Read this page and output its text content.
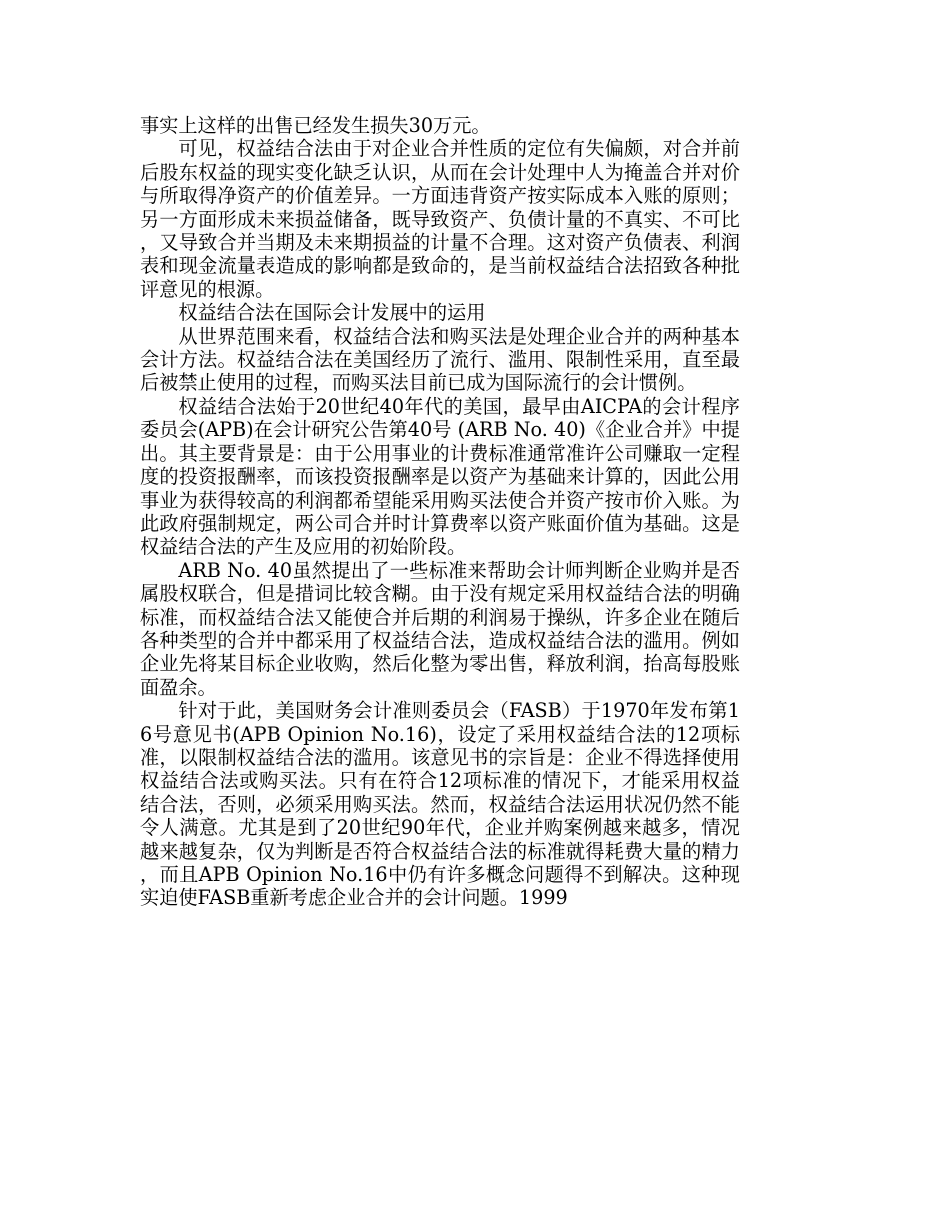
事实上这样的出售已经发生损失30万元。

可见，权益结合法由于对企业合并性质的定位有失偏颇，对合并前后股东权益的现实变化缺乏认识，从而在会计处理中人为掩盖合并对价与所取得净资产的价值差异。一方面违背资产按实际成本入账的原则；另一方面形成未来损益储备，既导致资产、负债计量的不真实、不可比，又导致合并当期及未来期损益的计量不合理。这对资产负债表、利润表和现金流量表造成的影响都是致命的，是当前权益结合法招致各种批评意见的根源。

权益结合法在国际会计发展中的运用

从世界范围来看，权益结合法和购买法是处理企业合并的两种基本会计方法。权益结合法在美国经历了流行、滥用、限制性采用，直至最后被禁止使用的过程，而购买法目前已成为国际流行的会计惯例。

权益结合法始于20世纪40年代的美国，最早由AICPA的会计程序委员会(APB)在会计研究公告第40号 (ARB No. 40)《企业合并》中提出。其主要背景是：由于公用事业的计费标准通常准许公司赚取一定程度的投资报酬率，而该投资报酬率是以资产为基础来计算的，因此公用事业为获得较高的利润都希望能采用购买法使合并资产按市价入账。为此政府强制规定，两公司合并时计算费率以资产账面价值为基础。这是权益结合法的产生及应用的初始阶段。

ARB No. 40虽然提出了一些标准来帮助会计师判断企业购并是否属股权联合，但是措词比较含糊。由于没有规定采用权益结合法的明确标准，而权益结合法又能使合并后期的利润易于操纵，许多企业在随后各种类型的合并中都采用了权益结合法，造成权益结合法的滥用。例如企业先将某目标企业收购，然后化整为零出售，释放利润，抬高每股账面盈余。

针对于此，美国财务会计准则委员会（FASB）于1970年发布第16号意见书(APB Opinion No.16)，设定了采用权益结合法的12项标准，以限制权益结合法的滥用。该意见书的宗旨是：企业不得选择使用权益结合法或购买法。只有在符合12项标准的情况下，才能采用权益结合法，否则，必须采用购买法。然而，权益结合法运用状况仍然不能令人满意。尤其是到了20世纪90年代，企业并购案例越来越多，情况越来越复杂，仅为判断是否符合权益结合法的标准就得耗费大量的精力，而且APB Opinion No.16中仍有许多概念问题得不到解决。这种现实迫使FASB重新考虑企业合并的会计问题。1999
